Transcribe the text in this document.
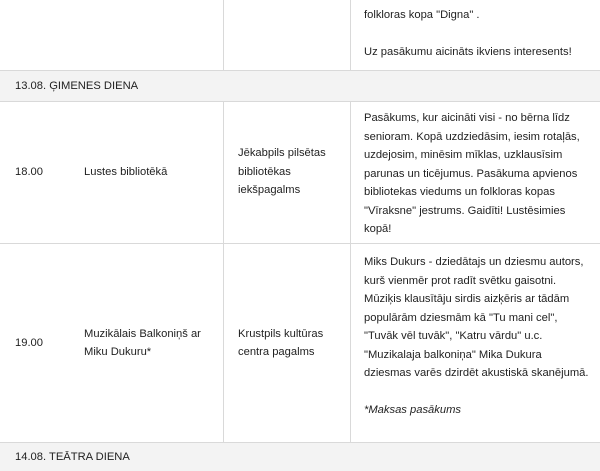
folkloras kopa "Digna" .

Uz pasākumu aicināts ikviens interesents!

13.08. ĢIMENES DIENA
18.00	Lustes bibliotēkā
Jēkabpils pilsētas bibliotēkas iekšpagalms

Pasākums, kur aicināti visi - no bērna līdz senioram. Kopā uzdziedāsim, iesim rotaļās, uzdejosim, minēsim mīklas, uzklausīsim parunas un ticējumus. Pasākuma apvienos bibliotekas viedums un folkloras kopas "Vīraksne" jestrums. Gaidīti! Lustēsimies kopā!

19.00
Muzikālais Balkoniņš ar Miku Dukuru*
Krustpils kultūras centra pagalms

Miks Dukurs - dziedātajs un dziesmu autors, kurš vienmēr prot radīt svētku gaisotni. Mūziķis klausītāju sirdis aizķēris ar tādām populārām dziesmām kā "Tu mani cel", "Tuvāk vēl tuvāk", "Katru vārdu" u.c. "Muzikalaja balkoniņa" Mika Dukura dziesmas varēs dzirdēt akustiskā skanējumā.

*Maksas pasākums

14.08. TEĀTRA DIENA
